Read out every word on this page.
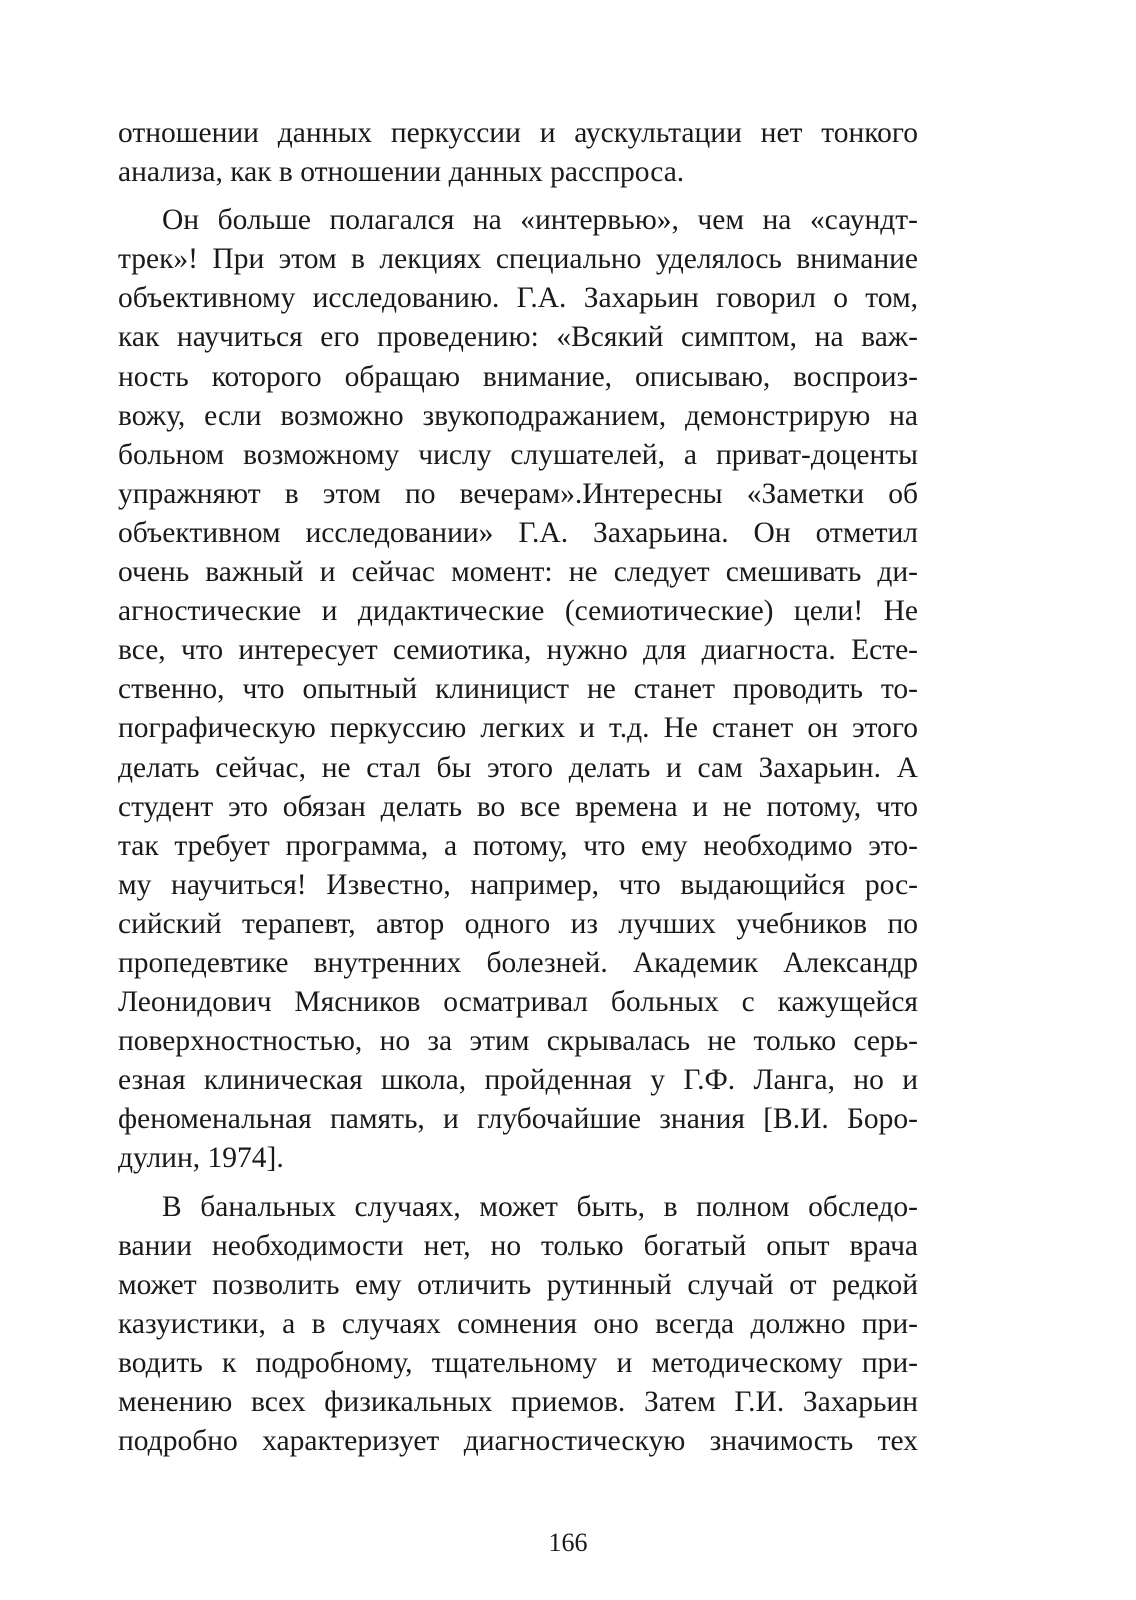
отношении данных перкуссии и аускультации нет тонкого
анализа, как в отношении данных расспроса.
Он больше полагался на «интервью», чем на «саундт-
трек»! При этом в лекциях специально уделялось внимание
объективному исследованию. Г.А. Захарьин говорил о том,
как научиться его проведению: «Всякий симптом, на важ-
ность которого обращаю внимание, описываю, воспроиз-
вожу, если возможно звукоподражанием, демонстрирую на
больном возможному числу слушателей, а приват-доценты
упражняют в этом по вечерам».Интересны «Заметки об
объективном исследовании» Г.А. Захарьина. Он отметил
очень важный и сейчас момент: не следует смешивать ди-
агностические и дидактические (семиотические) цели! Не
все, что интересует семиотика, нужно для диагноста. Есте-
ственно, что опытный клиницист не станет проводить то-
пографическую перкуссию легких и т.д. Не станет он этого
делать сейчас, не стал бы этого делать и сам Захарьин. А
студент это обязан делать во все времена и не потому, что
так требует программа, а потому, что ему необходимо это-
му научиться! Известно, например, что выдающийся рос-
сийский терапевт, автор одного из лучших учебников по
пропедевтике внутренних болезней. Академик Александр
Леонидович Мясников осматривал больных с кажущейся
поверхностностью, но за этим скрывалась не только серь-
езная клиническая школа, пройденная у Г.Ф. Ланга, но и
феноменальная память, и глубочайшие знания [В.И. Боро-
дулин, 1974].
В банальных случаях, может быть, в полном обследо-
вании необходимости нет, но только богатый опыт врача
может позволить ему отличить рутинный случай от редкой
казуистики, а в случаях сомнения оно всегда должно при-
водить к подробному, тщательному и методическому при-
менению всех физикальных приемов. Затем Г.И. Захарьин
подробно характеризует диагностическую значимость тех
166
